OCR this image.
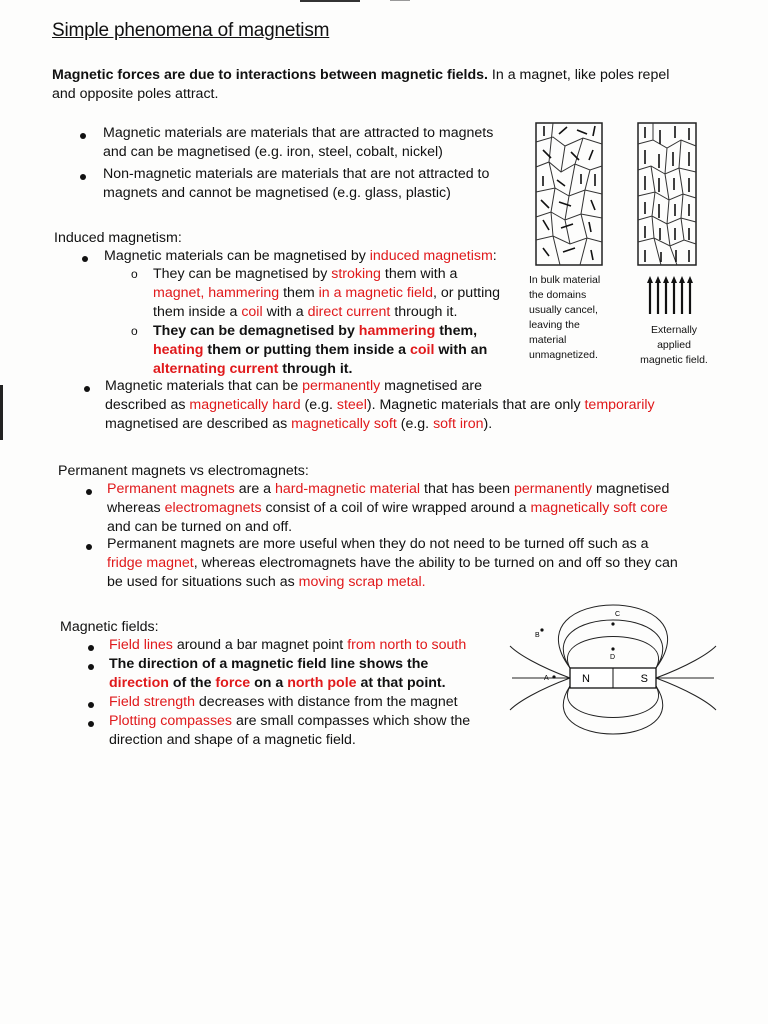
Simple phenomena of magnetism
Magnetic forces are due to interactions between magnetic fields. In a magnet, like poles repel
and opposite poles attract.
Magnetic materials are materials that are attracted to magnets
and can be magnetised (e.g. iron, steel, cobalt, nickel)
Non-magnetic materials are materials that are not attracted to
magnets and cannot be magnetised (e.g. glass, plastic)
Induced magnetism:
Magnetic materials can be magnetised by induced magnetism:
o They can be magnetised by stroking them with a
magnet, hammering them in a magnetic field, or putting
them inside a coil with a direct current through it.
o They can be demagnetised by hammering them,
heating them or putting them inside a coil with an
alternating current through it.
Magnetic materials that can be permanently magnetised are
described as magnetically hard (e.g. steel). Magnetic materials that are only temporarily
magnetised are described as magnetically soft (e.g. soft iron).
In bulk material
the domains
usually cancel,
leaving the
material
unmagnetized.
Externally
applied
magnetic field.
Permanent magnets vs electromagnets:
Permanent magnets are a hard-magnetic material that has been permanently magnetised
whereas electromagnets consist of a coil of wire wrapped around a magnetically soft core
and can be turned on and off.
Permanent magnets are more useful when they do not need to be turned off such as a
fridge magnet, whereas electromagnets have the ability to be turned on and off so they can
be used for situations such as moving scrap metal.
Magnetic fields:
Field lines around a bar magnet point from north to south
The direction of a magnetic field line shows the
direction of the force on a north pole at that point.
Field strength decreases with distance from the magnet
Plotting compasses are small compasses which show the
direction and shape of a magnetic field.
N	S
A
B
C
D
